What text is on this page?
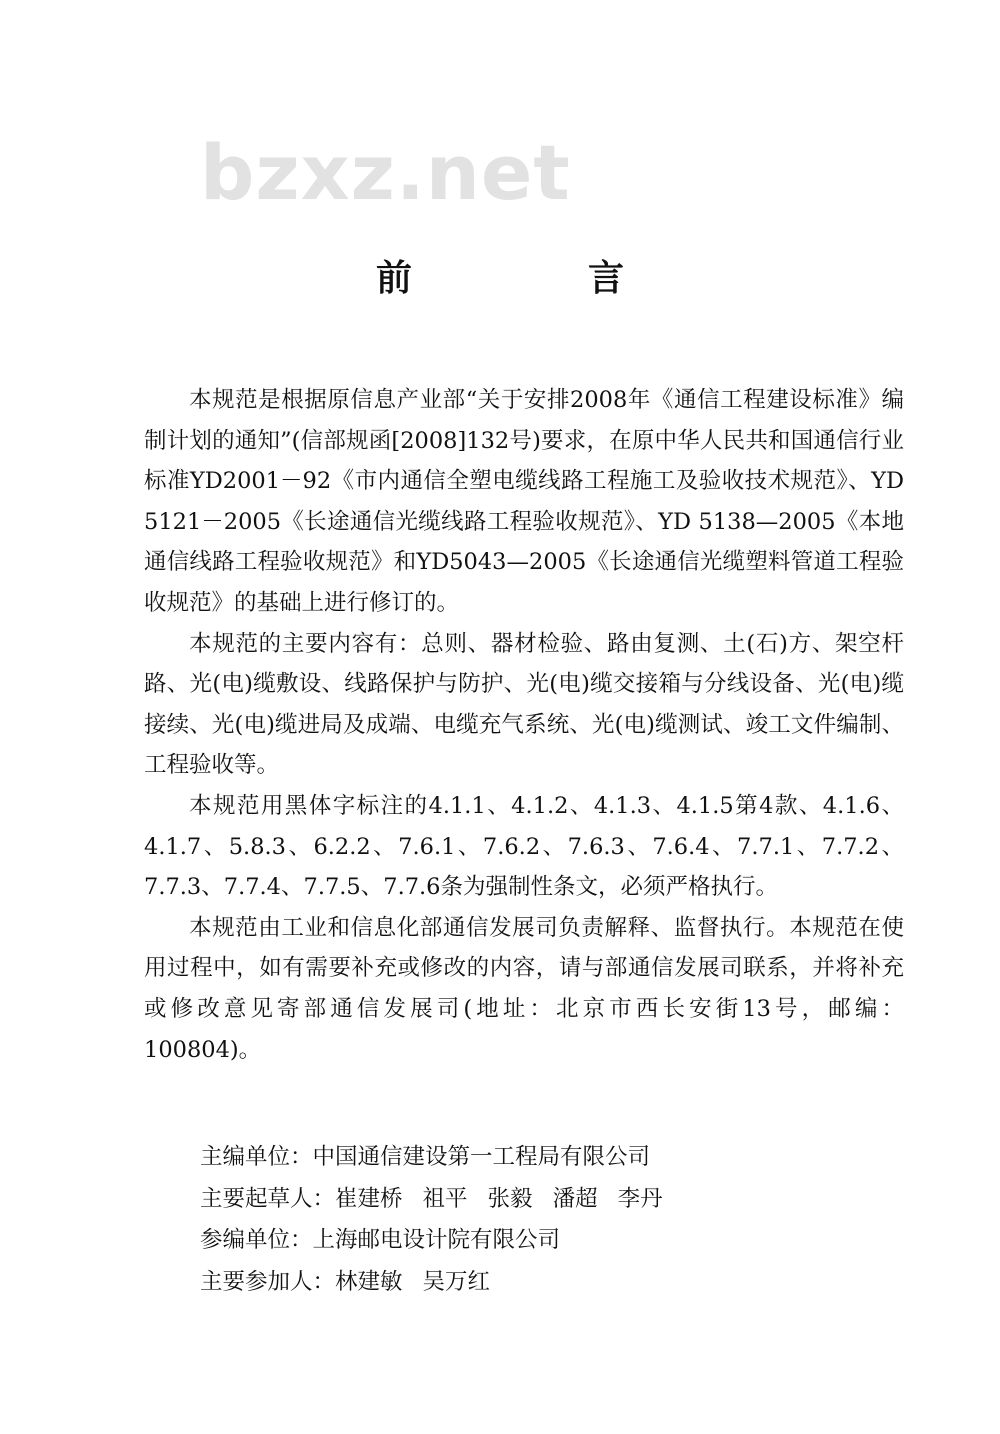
bzxz.net
前　言

本规范是根据原信息产业部“关于安排2008年《通信工程建设标准》编制计划的通知”(信部规函[2008]132号)要求，在原中华人民共和国通信行业标准YD2001－92《市内通信全塑电缆线路工程施工及验收技术规范》、YD 5121－2005《长途通信光缆线路工程验收规范》、YD 5138—2005《本地通信线路工程验收规范》和YD5043—2005《长途通信光缆塑料管道工程验收规范》的基础上进行修订的。

本规范的主要内容有：总则、器材检验、路由复测、土(石)方、架空杆路、光(电)缆敷设、线路保护与防护、光(电)缆交接箱与分线设备、光(电)缆接续、光(电)缆进局及成端、电缆充气系统、光(电)缆测试、竣工文件编制、工程验收等。

本规范用黑体字标注的4.1.1、4.1.2、4.1.3、4.1.5第4款、4.1.6、4.1.7、5.8.3、6.2.2、7.6.1、7.6.2、7.6.3、7.6.4、7.7.1、7.7.2、7.7.3、7.7.4、7.7.5、7.7.6条为强制性条文，必须严格执行。

本规范由工业和信息化部通信发展司负责解释、监督执行。本规范在使用过程中，如有需要补充或修改的内容，请与部通信发展司联系，并将补充或修改意见寄部通信发展司(地址：北京市西长安街13号，邮编：100804)。

主编单位：中国通信建设第一工程局有限公司
主要起草人：崔建桥 祖平 张毅 潘超 李丹
参编单位：上海邮电设计院有限公司
主要参加人：林建敏 吴万红
